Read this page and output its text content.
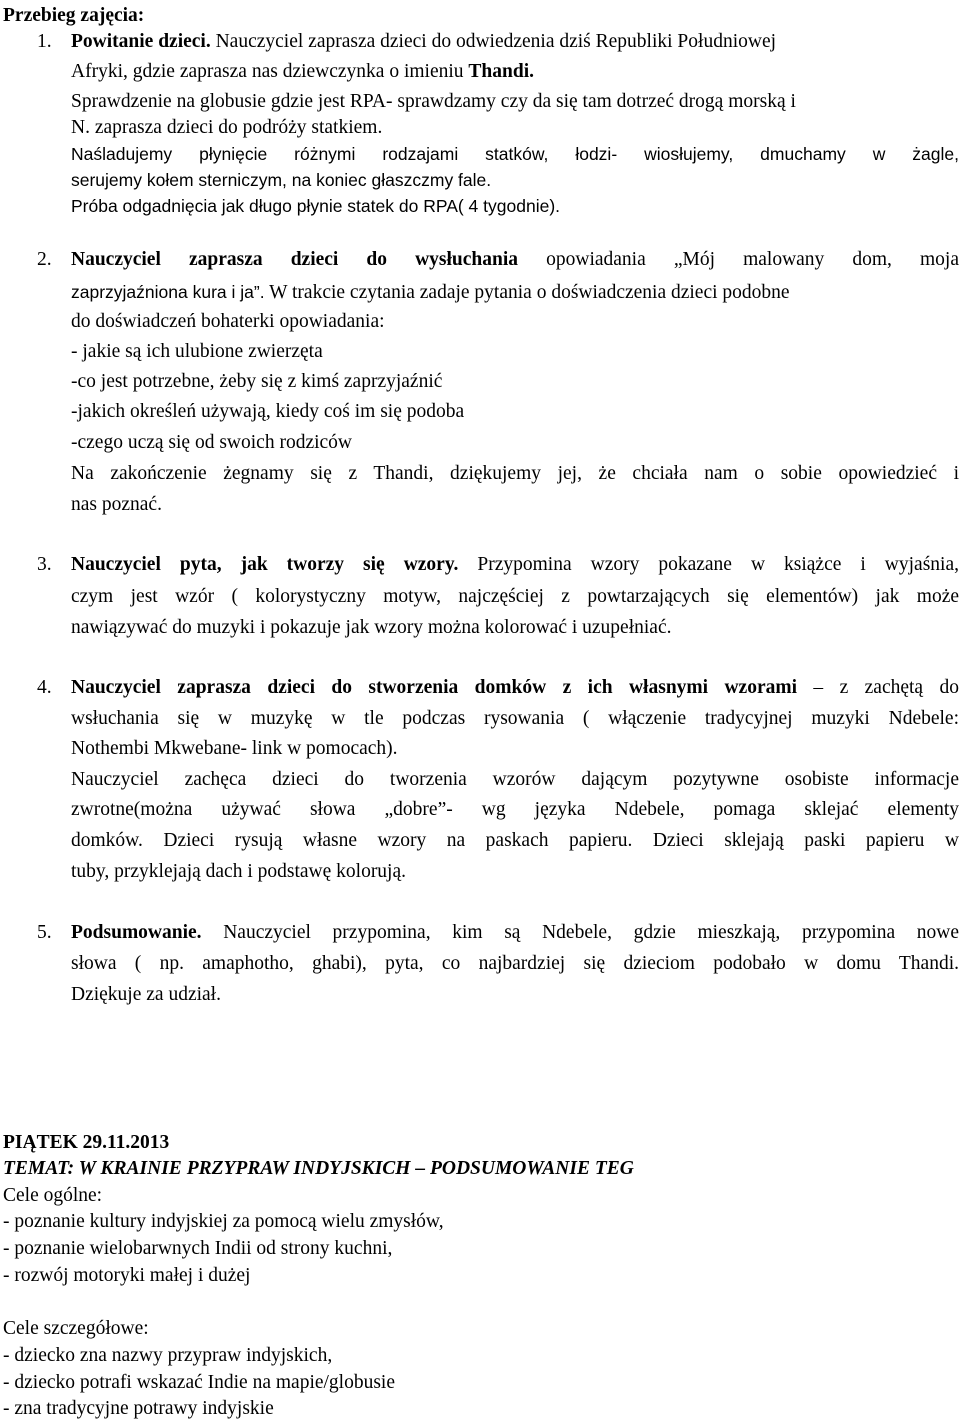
Przebieg zajęcia:
1. Powitanie dzieci. Nauczyciel zaprasza dzieci do odwiedzenia dziś Republiki Południowej
Afryki, gdzie zaprasza nas dziewczynka o imieniu Thandi.
Sprawdzenie na globusie gdzie jest RPA- sprawdzamy czy da się tam dotrzeć drogą morską i
N. zaprasza dzieci do podróży statkiem.
Naśladujemy płynięcie różnymi rodzajami statków, łodzi- wiosłujemy, dmuchamy w żagle,
serujemy kołem sterniczym, na koniec głaszczmy fale.
Próba odgadnięcia jak długo płynie statek do RPA( 4 tygodnie).
2. Nauczyciel zaprasza dzieci do wysłuchania opowiadania „Mój malowany dom, moja
zaprzyjaźniona kura i ja”. W trakcie czytania zadaje pytania o doświadczenia dzieci podobne
do doświadczeń bohaterki opowiadania:
- jakie są ich ulubione zwierzęta
-co jest potrzebne, żeby się z kimś zaprzyjaźnić
-jakich określeń używają, kiedy coś im się podoba
-czego uczą się od swoich rodziców
Na zakończenie żegnamy się z Thandi, dziękujemy jej, że chciała nam o sobie opowiedzieć i
nas poznać.
3. Nauczyciel pyta, jak tworzy się wzory. Przypomina wzory pokazane w książce i wyjaśnia,
czym jest wzór ( kolorystyczny motyw, najczęściej z powtarzających się elementów) jak może
nawiązywać do muzyki i pokazuje jak wzory można kolorować i uzupełniać.
4. Nauczyciel zaprasza dzieci do stworzenia domków z ich własnymi wzorami – z zachętą do
wsłuchania się w muzykę w tle podczas rysowania ( włączenie tradycyjnej muzyki Ndebele:
Nothembi Mkwebane- link w pomocach).
Nauczyciel zachęca dzieci do tworzenia wzorów dającym pozytywne osobiste informacje
zwrotne(można używać słowa „dobre”- wg języka Ndebele, pomaga sklejać elementy
domków. Dzieci rysują własne wzory na paskach papieru. Dzieci sklejają paski papieru w
tuby, przyklejają dach i podstawę kolorują.
5. Podsumowanie. Nauczyciel przypomina, kim są Ndebele, gdzie mieszkają, przypomina nowe
słowa ( np. amaphotho, ghabi), pyta, co najbardziej się dzieciom podobało w domu Thandi.
Dziękuje za udział.
PIĄTEK 29.11.2013
TEMAT: W KRAINIE PRZYPRAW INDYJSKICH – PODSUMOWANIE TEG
Cele ogólne:
- poznanie kultury indyjskiej za pomocą wielu zmysłów,
- poznanie wielobarwnych Indii od strony kuchni,
- rozwój motoryki małej i dużej
Cele szczegółowe:
- dziecko zna nazwy przypraw indyjskich,
- dziecko potrafi wskazać Indie na mapie/globusie
- zna tradycyjne potrawy indyjskie
